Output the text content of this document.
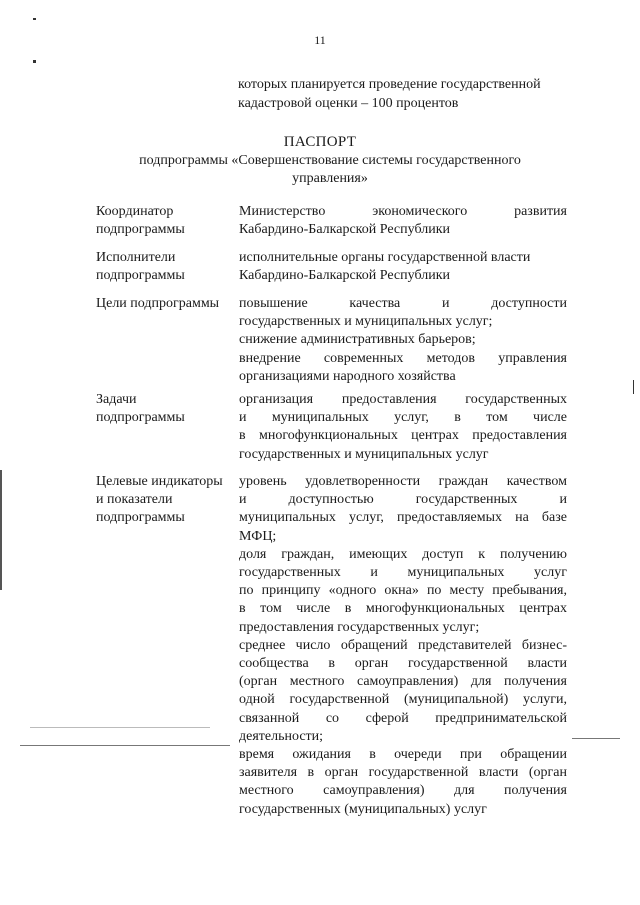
11
которых планируется проведение государственной
кадастровой оценки – 100 процентов
ПАСПОРТ
подпрограммы «Совершенствование системы государственного
управления»
Координатор
подпрограммы
Министерство экономического развития
Кабардино-Балкарской Республики
Исполнители
подпрограммы
исполнительные органы государственной власти
Кабардино-Балкарской Республики
Цели подпрограммы	повышение качества и доступности
государственных и муниципальных услуг;
снижение административных барьеров;
внедрение современных методов управления
организациями народного хозяйства
Задачи
подпрограммы
организация предоставления государственных
и муниципальных услуг, в том числе
в многофункциональных центрах предоставления
государственных и муниципальных услуг
Целевые индикаторы
и показатели
подпрограммы
уровень удовлетворенности граждан качеством
и доступностью государственных и
муниципальных услуг, предоставляемых на базе
МФЦ;
доля граждан, имеющих доступ к получению
государственных и муниципальных услуг
по принципу «одного окна» по месту пребывания,
в том числе в многофункциональных центрах
предоставления государственных услуг;
среднее число обращений представителей бизнес-
сообщества в орган государственной власти
(орган местного самоуправления) для получения
одной государственной (муниципальной) услуги,
связанной со сферой предпринимательской
деятельности;
время ожидания в очереди при обращении
заявителя в орган государственной власти (орган
местного самоуправления) для получения
государственных (муниципальных) услуг
